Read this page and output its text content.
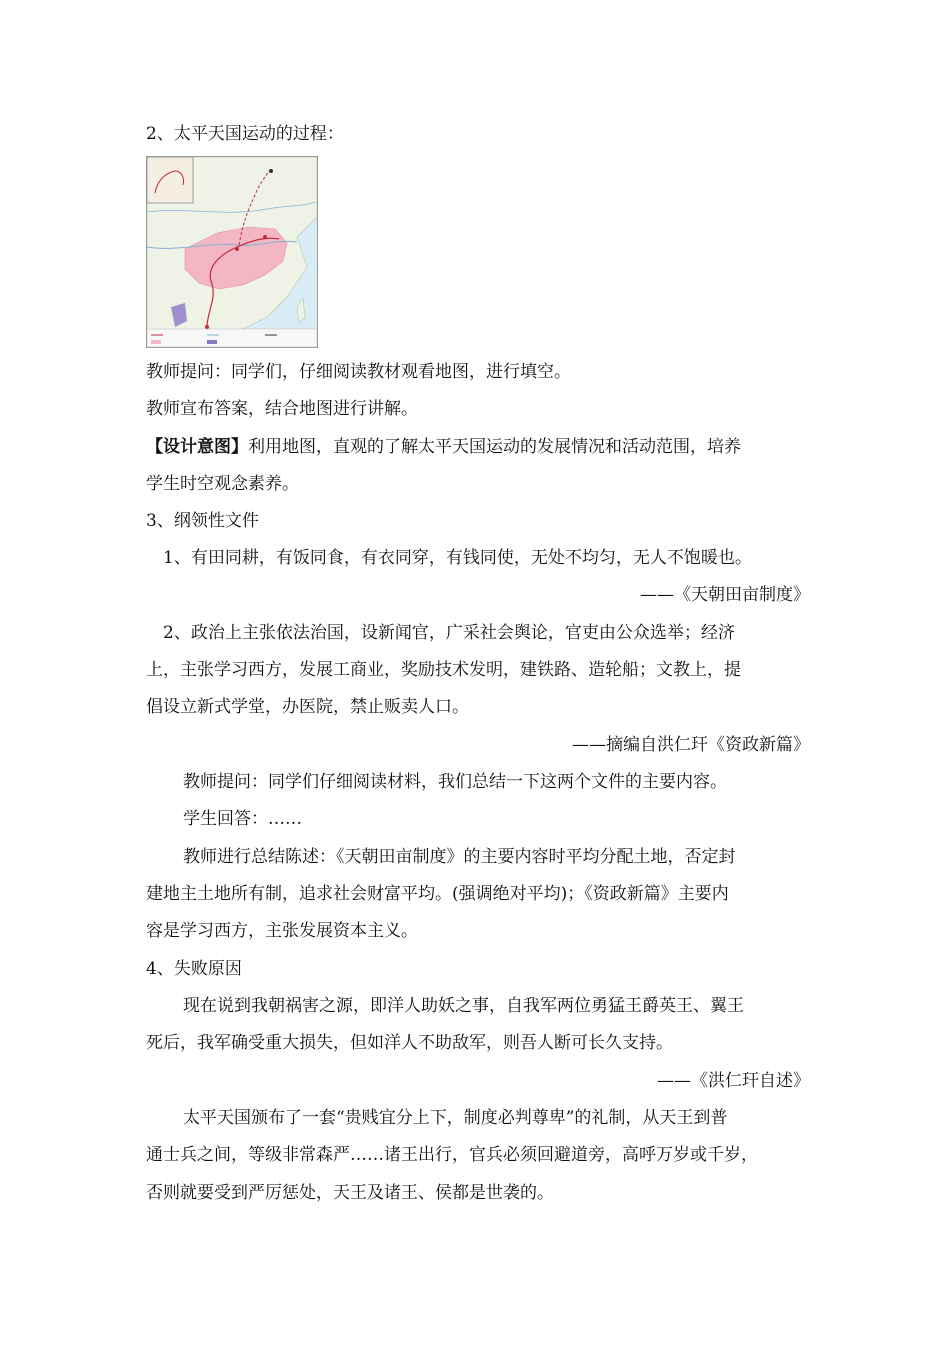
2、太平天国运动的过程：
教师提问：同学们，仔细阅读教材观看地图，进行填空。
教师宣布答案，结合地图进行讲解。
【设计意图】利用地图，直观的了解太平天国运动的发展情况和活动范围，培养
学生时空观念素养。
3、纲领性文件
1、有田同耕，有饭同食，有衣同穿，有钱同使，无处不均匀，无人不饱暖也。
——《天朝田亩制度》
2、政治上主张依法治国，设新闻官，广采社会舆论，官吏由公众选举；经济
上，主张学习西方，发展工商业，奖励技术发明，建铁路、造轮船；文教上，提
倡设立新式学堂，办医院，禁止贩卖人口。
——摘编自洪仁玕《资政新篇》
教师提问：同学们仔细阅读材料，我们总结一下这两个文件的主要内容。
学生回答：……
教师进行总结陈述：《天朝田亩制度》的主要内容时平均分配土地，否定封
建地主土地所有制，追求社会财富平均。(强调绝对平均)；《资政新篇》主要内
容是学习西方，主张发展资本主义。
4、失败原因
现在说到我朝祸害之源，即洋人助妖之事，自我军两位勇猛王爵英王、翼王
死后，我军确受重大损失，但如洋人不助敌军，则吾人断可长久支持。
——《洪仁玕自述》
太平天国颁布了一套“贵贱宜分上下，制度必判尊卑”的礼制，从天王到普
通士兵之间，等级非常森严……诸王出行，官兵必须回避道旁，高呼万岁或千岁，
否则就要受到严厉惩处，天王及诸王、侯都是世袭的。
